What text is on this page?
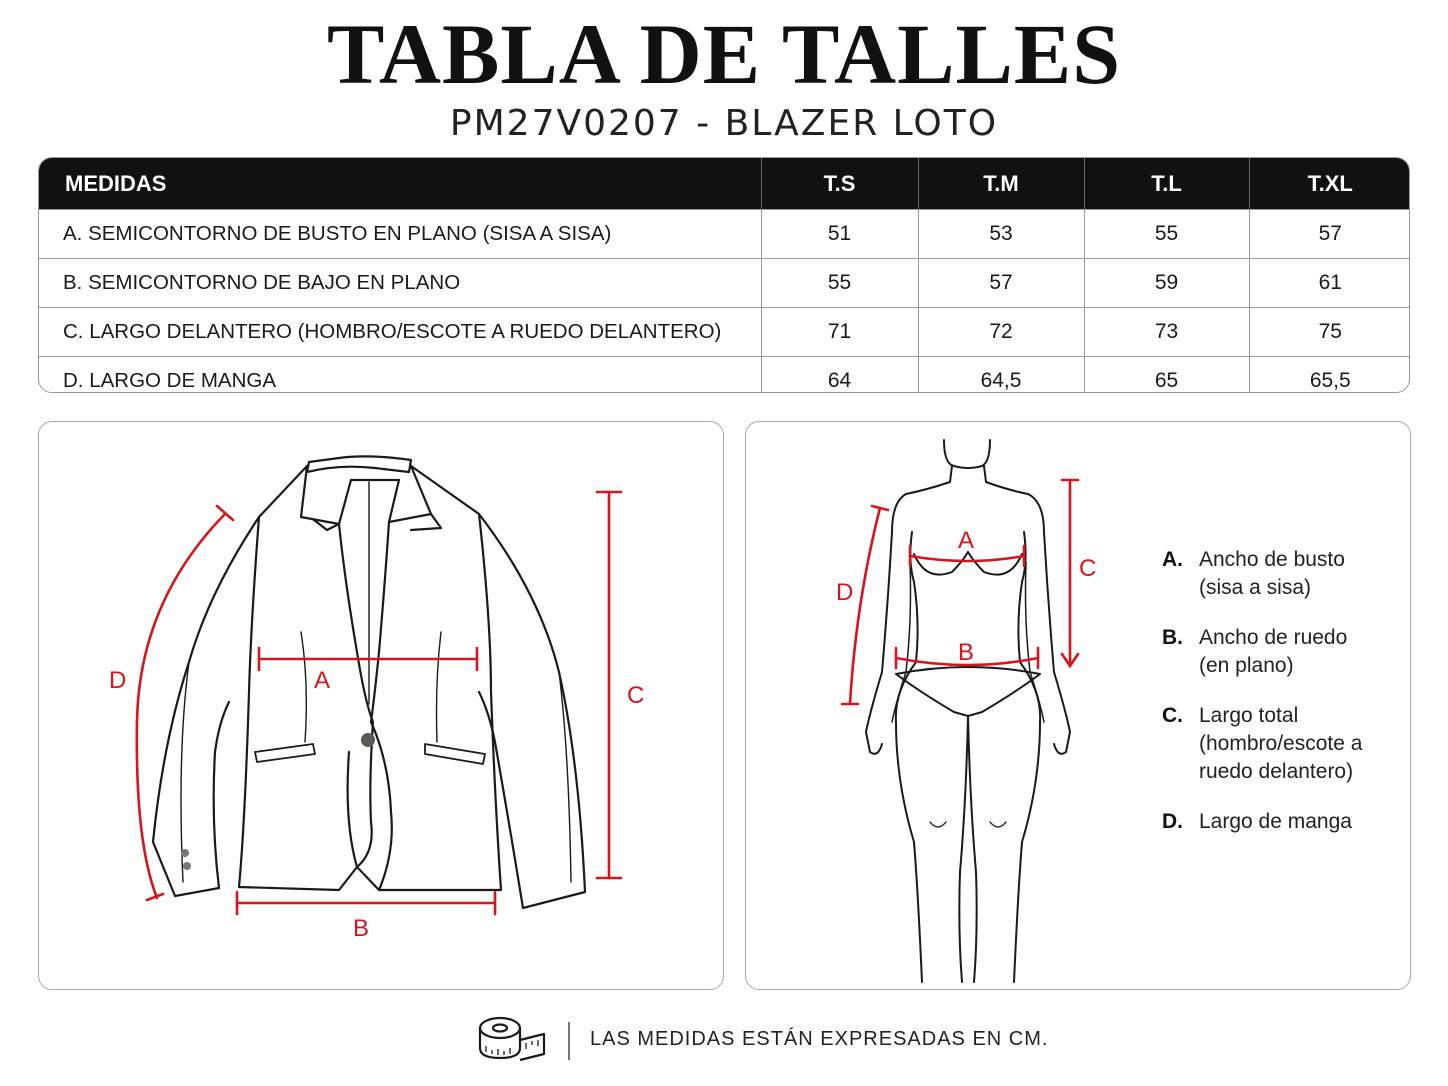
TABLA DE TALLES
PM27V0207 - BLAZER LOTO
MEDIDAS	T.S	T.M	T.L	T.XL
A. SEMICONTORNO DE BUSTO EN PLANO (SISA A SISA)	51	53	55	57
B. SEMICONTORNO DE BAJO EN PLANO	55	57	59	61
C. LARGO DELANTERO (HOMBRO/ESCOTE A RUEDO DELANTERO)	71	72	73	75
D. LARGO DE MANGA	64	64,5	65	65,5
A
B
C
D
A
B
C
D
A. Ancho de busto
(sisa a sisa)
B. Ancho de ruedo
(en plano)
C. Largo total
(hombro/escote a
ruedo delantero)
D. Largo de manga
LAS MEDIDAS ESTÁN EXPRESADAS EN CM.
